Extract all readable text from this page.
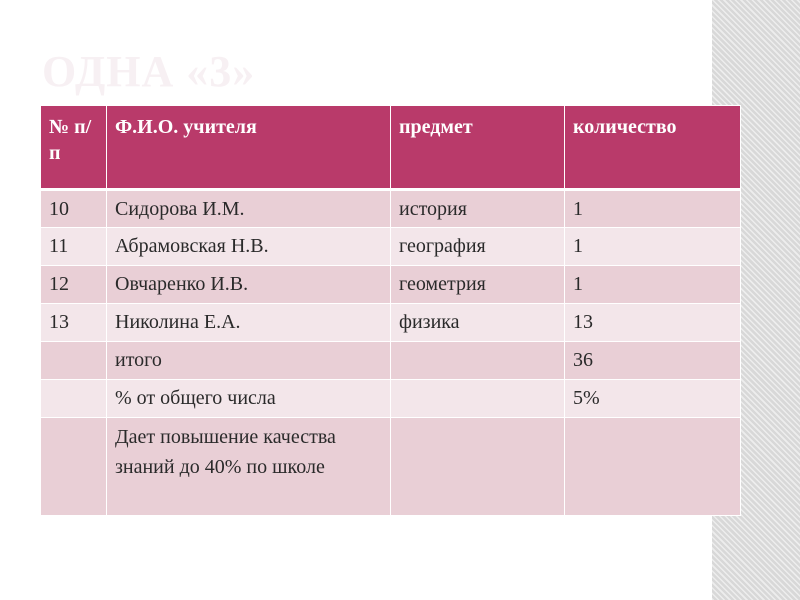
ОДНА «3»
№ п/п	Ф.И.О. учителя	предмет	количество
10	Сидорова И.М.	история	1
11	Абрамовская Н.В.	география	1
12	Овчаренко И.В.	геометрия	1
13	Николина Е.А.	физика	13
	итого		36
	% от общего числа		5%
	Дает повышение качества знаний до 40% по школе		
